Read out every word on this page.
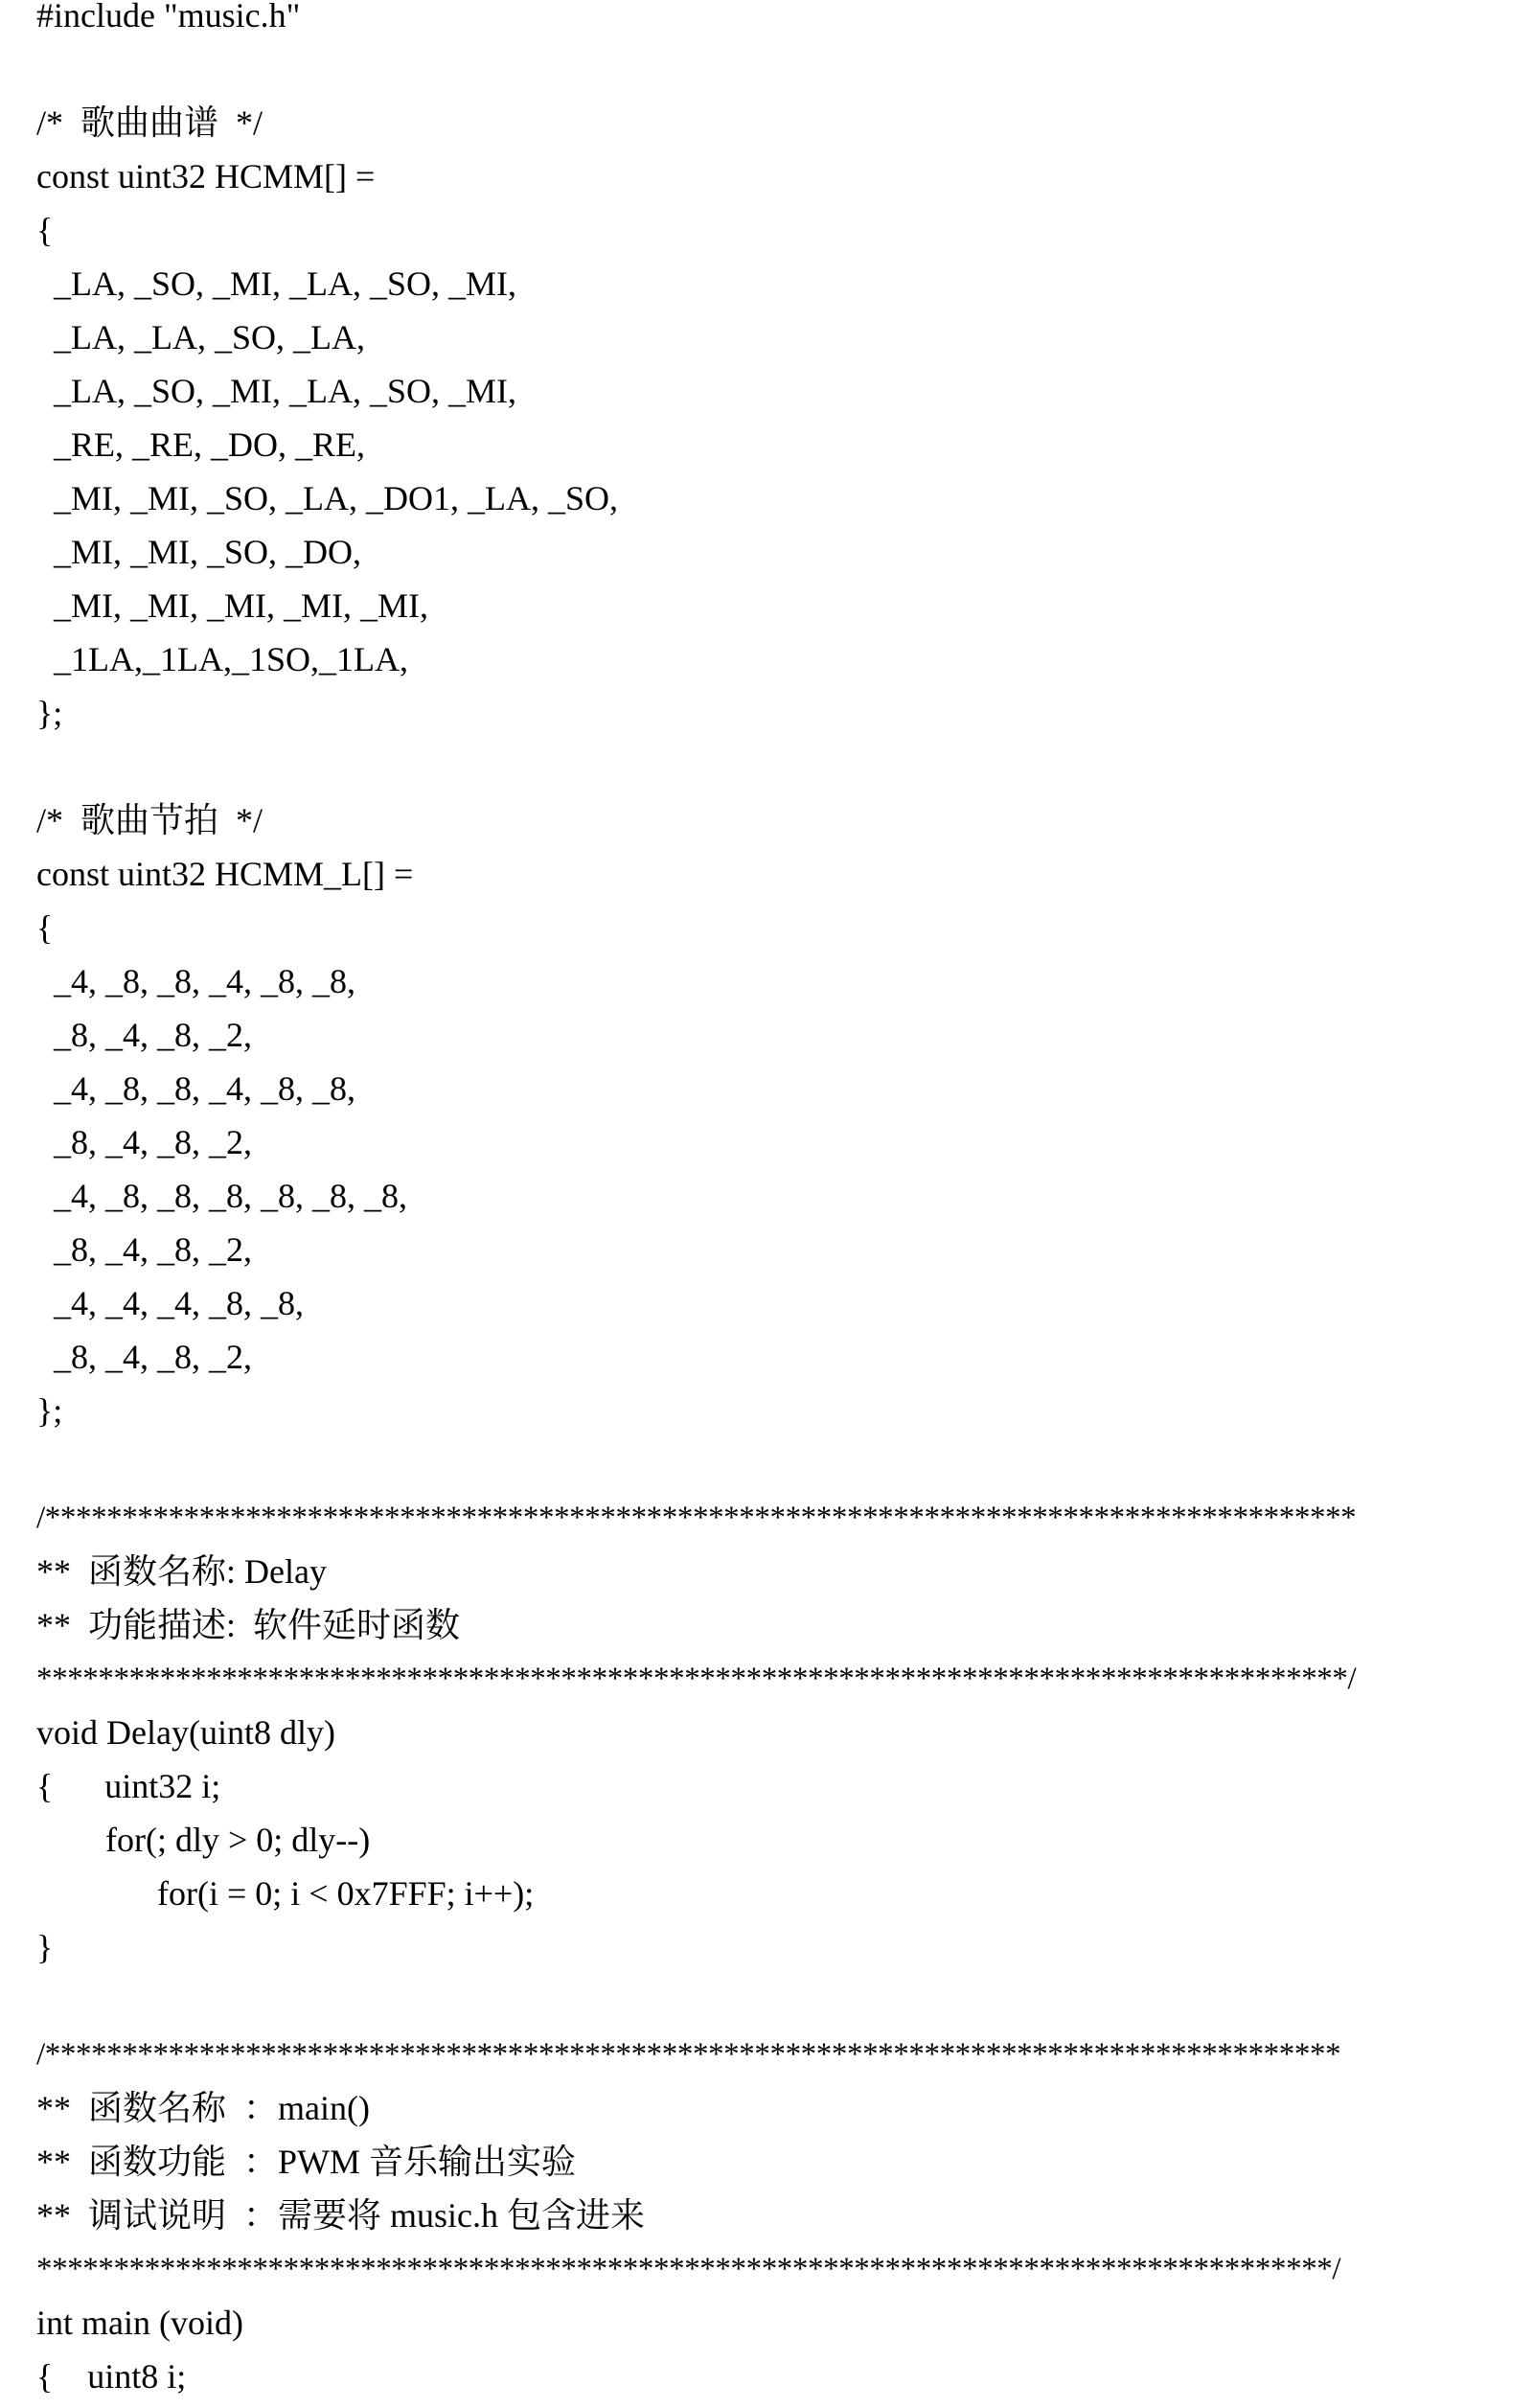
#include "music.h"
/*  歌曲曲谱  */
const uint32 HCMM[] =
{
_LA, _SO, _MI, _LA, _SO, _MI,
_LA, _LA, _SO, _LA,
_LA, _SO, _MI, _LA, _SO, _MI,
_RE, _RE, _DO, _RE,
_MI, _MI, _SO, _LA, _DO1, _LA, _SO,
_MI, _MI, _SO, _DO,
_MI, _MI, _MI, _MI, _MI,
_1LA,_1LA,_1SO,_1LA,
};
/*  歌曲节拍  */
const uint32 HCMM_L[] =
{
_4, _8, _8, _4, _8, _8,
_8, _4, _8, _2,
_4, _8, _8, _4, _8, _8,
_8, _4, _8, _2,
_4, _8, _8, _8, _8, _8, _8,
_8, _4, _8, _2,
_4, _4, _4, _8, _8,
_8, _4, _8, _2,
};
/*************************************************************************************
**  函数名称: Delay
**  功能描述:  软件延时函数
*************************************************************************************/
void Delay(uint8 dly)
{      uint32 i;
for(; dly > 0; dly--)
for(i = 0; i < 0x7FFF; i++);
}
/************************************************************************************
**  函数名称  ：main()
**  函数功能  ：PWM 音乐输出实验
**  调试说明  ：需要将 music.h 包含进来
************************************************************************************/
int main (void)
{    uint8 i;
